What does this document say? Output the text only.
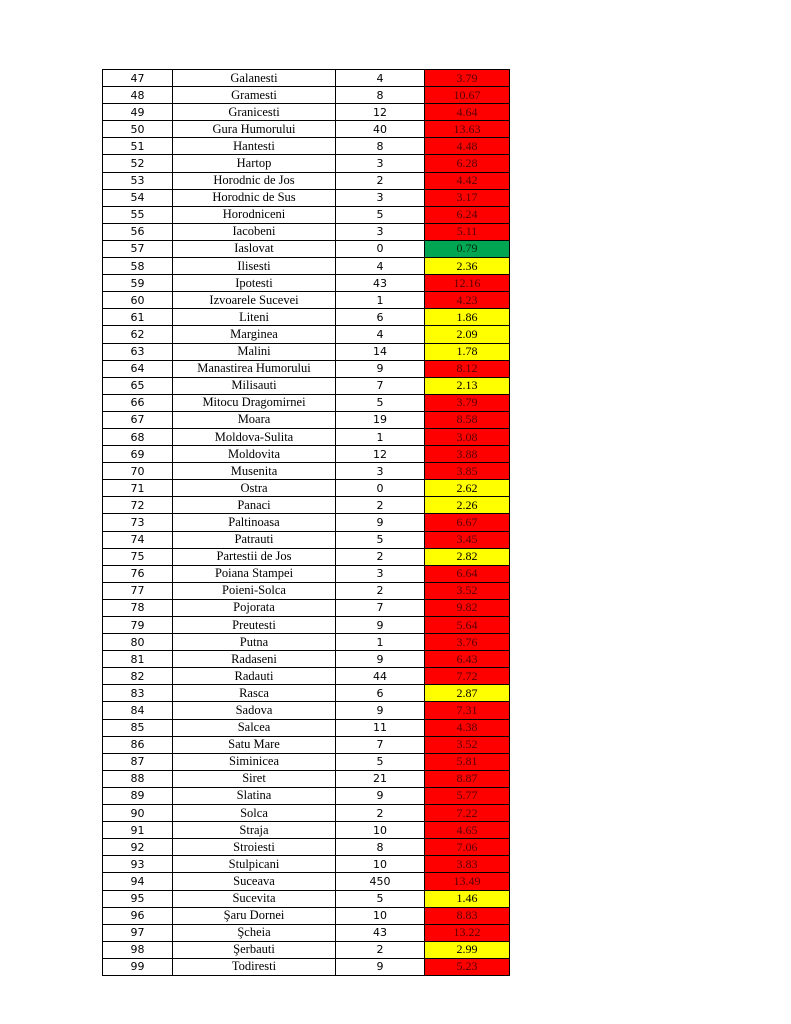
47	Galanesti	4	3.79
48	Gramesti	8	10.67
49	Granicesti	12	4.64
50	Gura Humorului	40	13.63
51	Hantesti	8	4.48
52	Hartop	3	6.28
53	Horodnic de Jos	2	4.42
54	Horodnic de Sus	3	3.17
55	Horodniceni	5	6.24
56	Iacobeni	3	5.11
57	Iaslovat	0	0.79
58	Ilisesti	4	2.36
59	Ipotesti	43	12.16
60	Izvoarele Sucevei	1	4.23
61	Liteni	6	1.86
62	Marginea	4	2.09
63	Malini	14	1.78
64	Manastirea Humorului	9	8.12
65	Milisauti	7	2.13
66	Mitocu Dragomirnei	5	3.79
67	Moara	19	8.58
68	Moldova-Sulita	1	3.08
69	Moldovita	12	3.88
70	Musenita	3	3.85
71	Ostra	0	2.62
72	Panaci	2	2.26
73	Paltinoasa	9	6.67
74	Patrauti	5	3.45
75	Partestii de Jos	2	2.82
76	Poiana Stampei	3	6.64
77	Poieni-Solca	2	3.52
78	Pojorata	7	9.82
79	Preutesti	9	5.64
80	Putna	1	3.76
81	Radaseni	9	6.43
82	Radauti	44	7.72
83	Rasca	6	2.87
84	Sadova	9	7.31
85	Salcea	11	4.38
86	Satu Mare	7	3.52
87	Siminicea	5	5.81
88	Siret	21	8.87
89	Slatina	9	5.77
90	Solca	2	7.22
91	Straja	10	4.65
92	Stroiesti	8	7.06
93	Stulpicani	10	3.83
94	Suceava	450	13.49
95	Sucevita	5	1.46
96	Şaru Dornei	10	8.83
97	Şcheia	43	13.22
98	Şerbauti	2	2.99
99	Todiresti	9	5.23
